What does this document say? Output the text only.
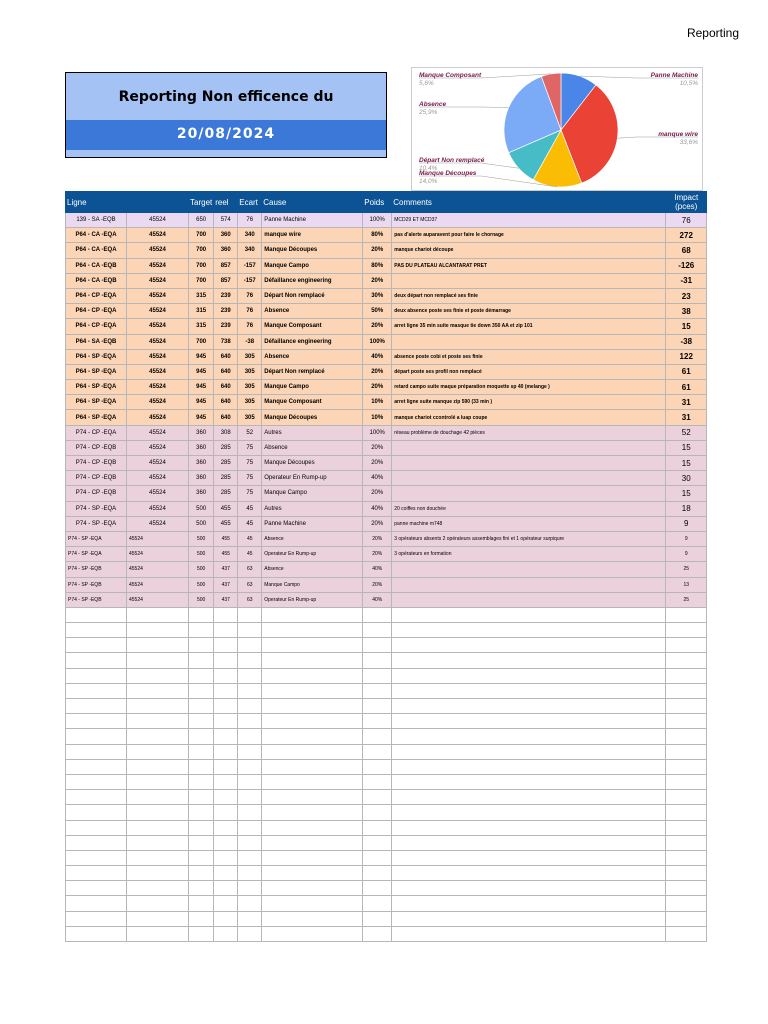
Reporting
Reporting Non efficence du
20/08/2024
Panne Machine
10,5%
manque wire
33,6%
Manque Découpes
14,0%
Départ Non remplacé
10,4%
Absence
25,9%
Manque Composant
5,6%
Ligne		Target	reel	Ecart	Cause	Poids	Comments	Impact (pces)
139 - SA -EQB	45524	650	574	76	Panne Machine	100%	MCD29 ET MCD37	76
P64 - CA -EQA	45524	700	360	340	manque wire	80%	pas d'alerte auparavent pour faire le chornage	272
P64 - CA -EQA	45524	700	360	340	Manque Découpes	20%	manque chariot découpe	68
P64 - CA -EQB	45524	700	857	-157	Manque Campo	80%	PAS DU PLATEAU ALCANTARAT PRET	-126
P64 - CA -EQB	45524	700	857	-157	Défaillance engineering	20%		-31
P64 - CP -EQA	45524	315	239	76	Départ Non remplacé	30%	deux départ non remplacé ses finie	23
P64 - CP -EQA	45524	315	239	76	Absence	50%	deux absence poste ses finie et poste démarrage	38
P64 - CP -EQA	45524	315	239	76	Manque Composant	20%	arret ligne 35 min suite masque tie down 350 AA et zip 101	15
P64 - SA -EQB	45524	700	738	-38	Défaillance engineering	100%		-38
P64 - SP -EQA	45524	945	640	305	Absence	40%	absence poste cobi et poste ses finie	122
P64 - SP -EQA	45524	945	640	305	Départ Non remplacé	20%	départ poste ses profil non remplacé	61
P64 - SP -EQA	45524	945	640	305	Manque Campo	20%	retard campo suite maque préparation moquette sp 40 (melange )	61
P64 - SP -EQA	45524	945	640	305	Manque Composant	10%	arret ligne suite manque zip 590 (33 min )	31
P64 - SP -EQA	45524	945	640	305	Manque Découpes	10%	manque chariot ccontrolé a luap coupe	31
P74 - CP -EQA	45524	360	308	52	Autres	100%	réseau problème de douchage 42 pièces	52
P74 - CP -EQB	45524	360	285	75	Absence	20%		15
P74 - CP -EQB	45524	360	285	75	Manque Découpes	20%		15
P74 - CP -EQB	45524	360	285	75	Operateur En Rump-up	40%		30
P74 - CP -EQB	45524	360	285	75	Manque Campo	20%		15
P74 - SP -EQA	45524	500	455	45	Autres	40%	20 coiffes non douchée	18
P74 - SP -EQA	45524	500	455	45	Panne Machine	20%	panne machine m748	9
P74 - SP -EQA	45524	500	455	45	Absence	20%	3 opérateurs absents 2 opérateurs assemblages fini et 1 opérateur surpiqure	9
P74 - SP -EQA	45524	500	455	45	Operateur En Rump-up	20%	3 opérateurs en formation	9
P74 - SP -EQB	45524	500	437	63	Absence	40%		25
P74 - SP -EQB	45524	500	437	63	Manque Campo	20%		13
P74 - SP -EQB	45524	500	437	63	Operateur En Rump-up	40%		25
